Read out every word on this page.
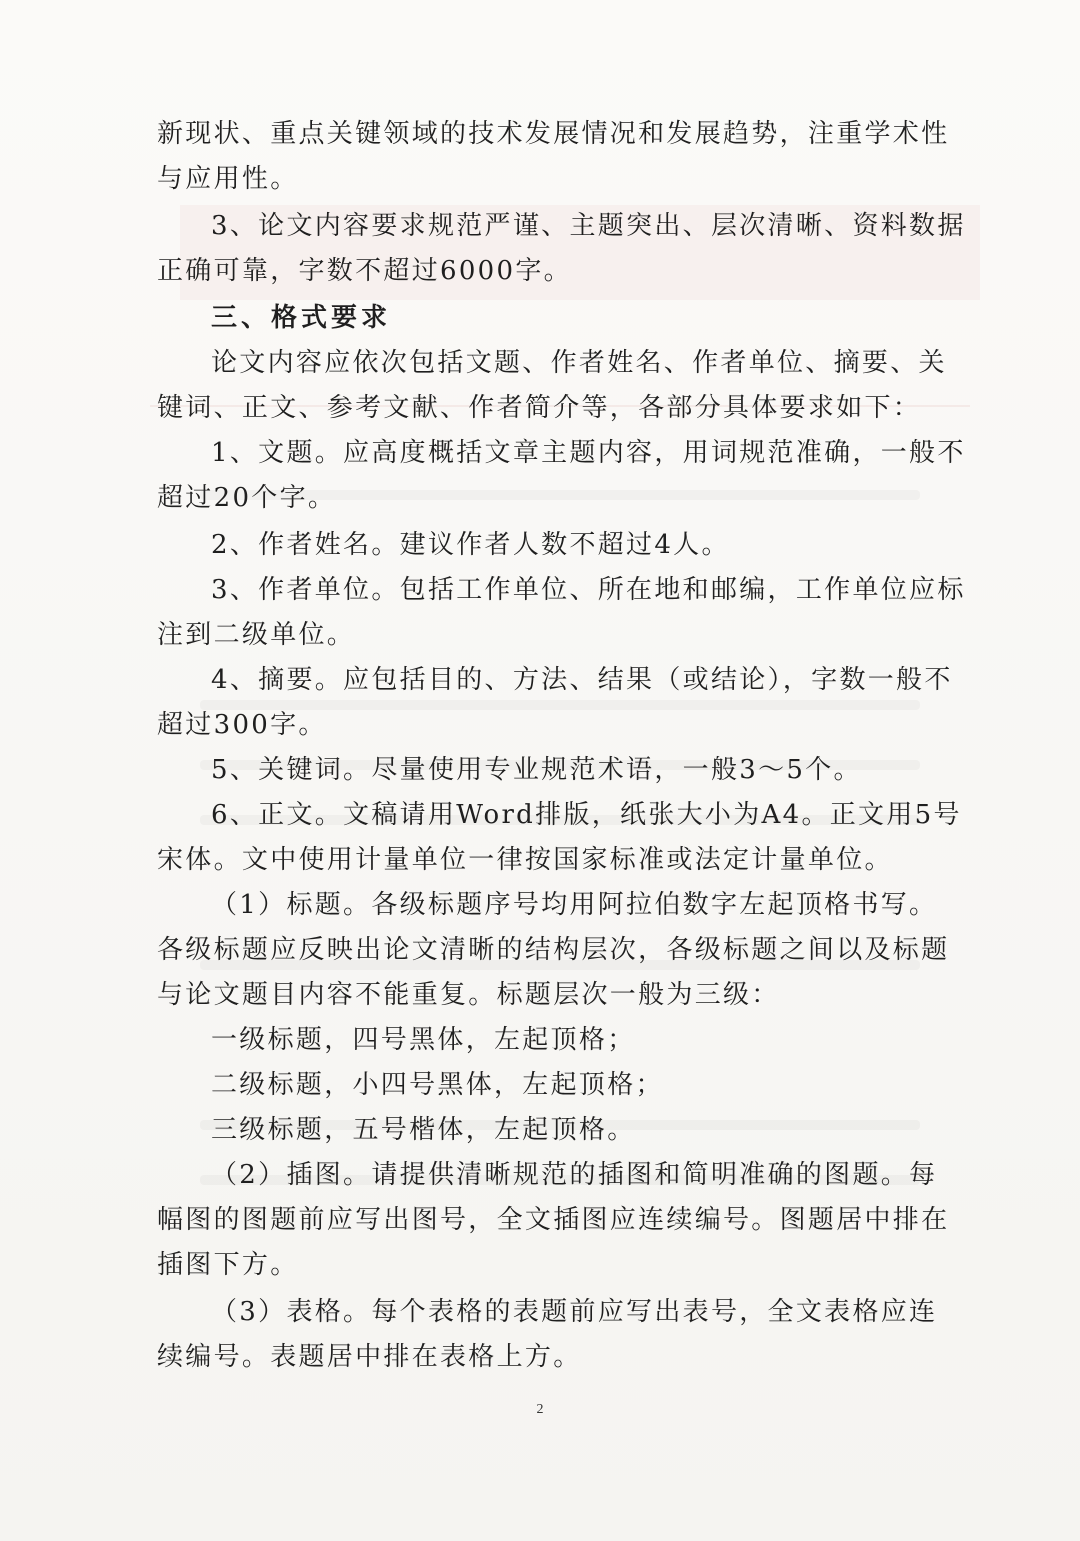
新现状、重点关键领域的技术发展情况和发展趋势，注重学术性
与应用性。
3、论文内容要求规范严谨、主题突出、层次清晰、资料数据
正确可靠，字数不超过6000字。
三、格式要求
论文内容应依次包括文题、作者姓名、作者单位、摘要、关
键词、正文、参考文献、作者简介等，各部分具体要求如下：
1、文题。应高度概括文章主题内容，用词规范准确，一般不
超过20个字。
2、作者姓名。建议作者人数不超过4人。
3、作者单位。包括工作单位、所在地和邮编，工作单位应标
注到二级单位。
4、摘要。应包括目的、方法、结果（或结论），字数一般不
超过300字。
5、关键词。尽量使用专业规范术语，一般3～5个。
6、正文。文稿请用Word排版，纸张大小为A4。正文用5号
宋体。文中使用计量单位一律按国家标准或法定计量单位。
（1）标题。各级标题序号均用阿拉伯数字左起顶格书写。
各级标题应反映出论文清晰的结构层次，各级标题之间以及标题
与论文题目内容不能重复。标题层次一般为三级：
一级标题，四号黑体，左起顶格；
二级标题，小四号黑体，左起顶格；
三级标题，五号楷体，左起顶格。
（2）插图。请提供清晰规范的插图和简明准确的图题。每
幅图的图题前应写出图号，全文插图应连续编号。图题居中排在
插图下方。
（3）表格。每个表格的表题前应写出表号，全文表格应连
续编号。表题居中排在表格上方。
2
